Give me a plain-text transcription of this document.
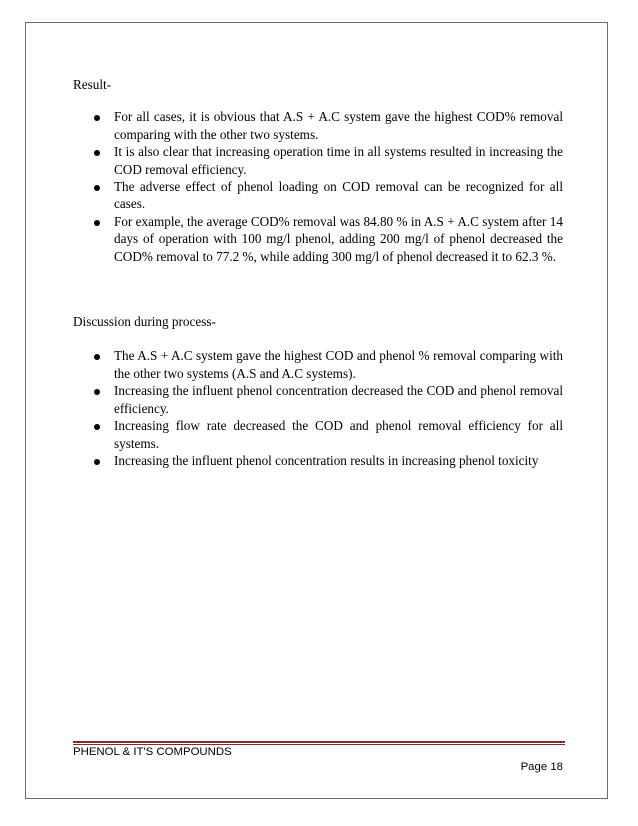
Result-

For all cases, it is obvious that A.S + A.C system gave the highest COD% removal comparing with the other two systems.
It is also clear that increasing operation time in all systems resulted in increasing the COD removal efficiency.
The adverse effect of phenol loading on COD removal can be recognized for all cases.
For example, the average COD% removal was 84.80 % in A.S + A.C system after 14 days of operation with 100 mg/l phenol, adding 200 mg/l of phenol decreased the COD% removal to 77.2 %, while adding 300 mg/l of phenol decreased it to 62.3 %.

Discussion during process-

The A.S + A.C system gave the highest COD and phenol % removal comparing with the other two systems (A.S and A.C systems).
Increasing the influent phenol concentration decreased the COD and phenol removal efficiency.
Increasing flow rate decreased the COD and phenol removal efficiency for all systems.
Increasing the influent phenol concentration results in increasing phenol toxicity
PHENOL & IT'S COMPOUNDS
Page 18
